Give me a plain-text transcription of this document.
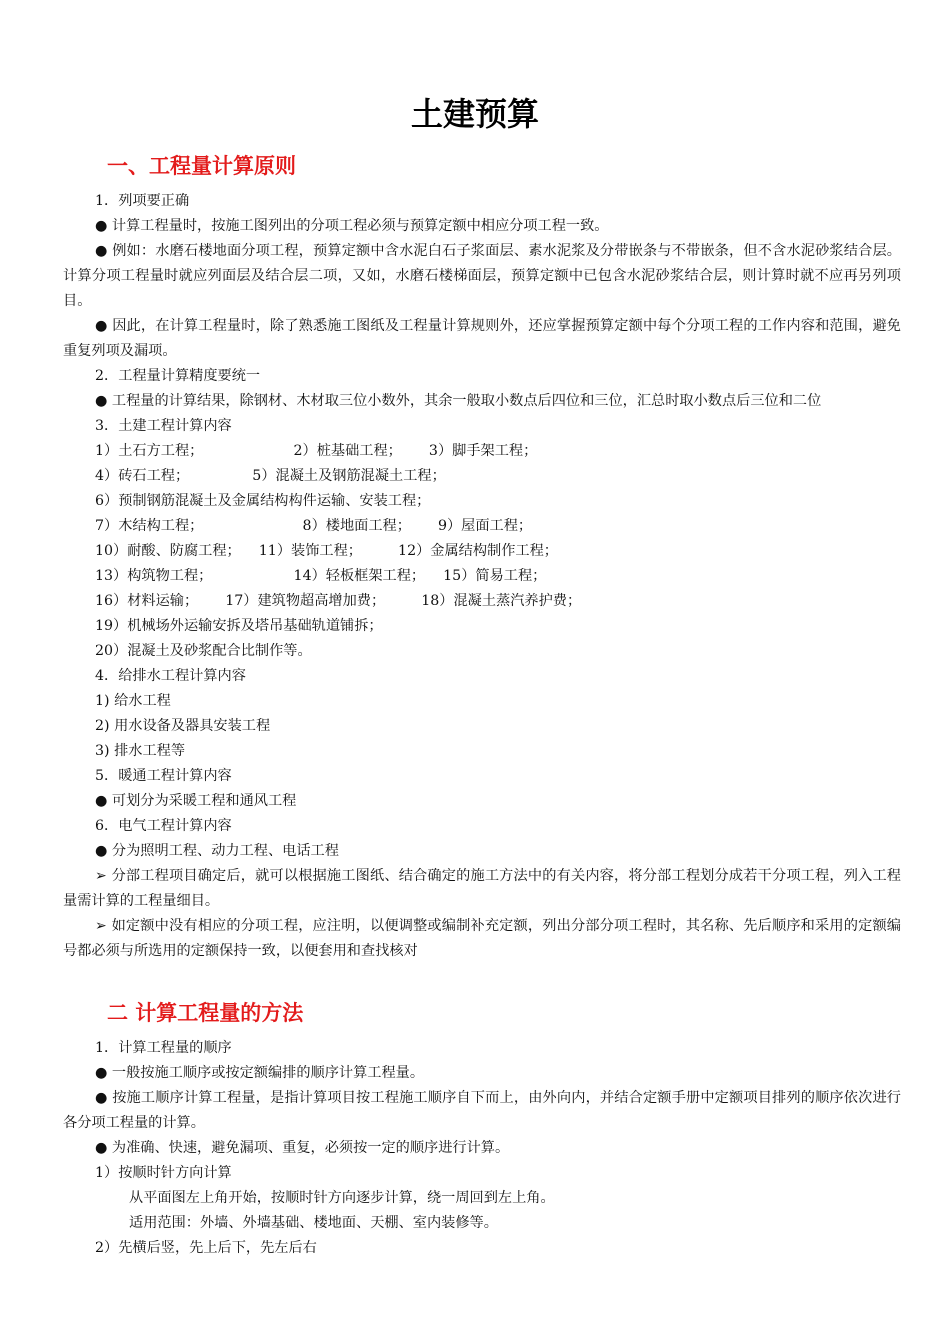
土建预算
一、工程量计算原则

1．列项要正确

● 计算工程量时，按施工图列出的分项工程必须与预算定额中相应分项工程一致。

● 例如：水磨石楼地面分项工程，预算定额中含水泥白石子浆面层、素水泥浆及分带嵌条与不带嵌条，但不含水泥砂浆结合层。计算分项工程量时就应列面层及结合层二项，又如，水磨石楼梯面层，预算定额中已包含水泥砂浆结合层，则计算时就不应再另列项目。

● 因此，在计算工程量时，除了熟悉施工图纸及工程量计算规则外，还应掌握预算定额中每个分项工程的工作内容和范围，避免重复列项及漏项。

2．工程量计算精度要统一

● 工程量的计算结果，除钢材、木材取三位小数外，其余一般取小数点后四位和三位，汇总时取小数点后三位和二位

3．土建工程计算内容

1）土石方工程；                    2）桩基础工程；      3）脚手架工程；

4）砖石工程；              5）混凝土及钢筋混凝土工程；

6）预制钢筋混凝土及金属结构构件运输、安装工程；

7）木结构工程；                      8）楼地面工程；      9）屋面工程；

10）耐酸、防腐工程；    11）装饰工程；        12）金属结构制作工程；

13）构筑物工程；                  14）轻板框架工程；    15）简易工程；

16）材料运输；      17）建筑物超高增加费；        18）混凝土蒸汽养护费；

19）机械场外运输安拆及塔吊基础轨道铺拆；

20）混凝土及砂浆配合比制作等。

4．给排水工程计算内容

1) 给水工程

2) 用水设备及器具安装工程

3) 排水工程等

5．暖通工程计算内容

● 可划分为采暖工程和通风工程

6．电气工程计算内容

● 分为照明工程、动力工程、电话工程

➢ 分部工程项目确定后，就可以根据施工图纸、结合确定的施工方法中的有关内容，将分部工程划分成若干分项工程，列入工程量需计算的工程量细目。

➢ 如定额中没有相应的分项工程，应注明，以便调整或编制补充定额，列出分部分项工程时，其名称、先后顺序和采用的定额编号都必须与所选用的定额保持一致，以便套用和查找核对

二 计算工程量的方法

1．计算工程量的顺序

● 一般按施工顺序或按定额编排的顺序计算工程量。

● 按施工顺序计算工程量，是指计算项目按工程施工顺序自下而上，由外向内，并结合定额手册中定额项目排列的顺序依次进行各分项工程量的计算。

● 为准确、快速，避免漏项、重复，必须按一定的顺序进行计算。

1）按顺时针方向计算

从平面图左上角开始，按顺时针方向逐步计算，绕一周回到左上角。

适用范围：外墙、外墙基础、楼地面、天棚、室内装修等。

2）先横后竖，先上后下，先左后右
